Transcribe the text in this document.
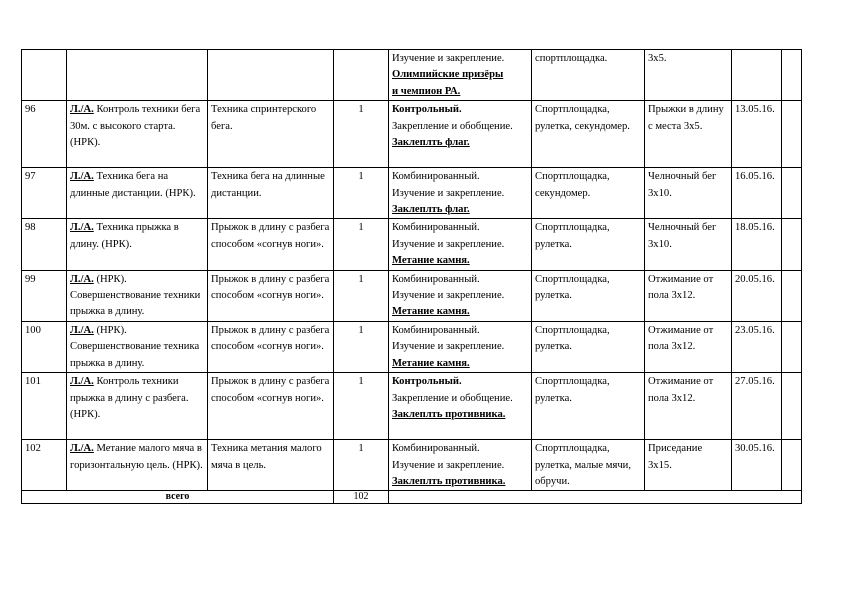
				Изучение и закрепление.
Олимпийские призёры
и чемпион РА.	спортплощадка.	3х5.		
96	Л./А. Контроль техники бега 30м. с высокого старта. (НРК).	Техника спринтерского бега.	1	Контрольный.
Закрепление и обобщение.
Заклеплть флаг.	Спортплощадка, рулетка, секундомер.	Прыжки в длину с места 3х5.	13.05.16.	
97	Л./А. Техника бега на длинные дистанции. (НРК).	Техника бега на длинные дистанции.	1	Комбинированный.
Изучение и закрепление.
Заклеплть флаг.	Спортплощадка, секундомер.	Челночный бег 3х10.	16.05.16.	
98	Л./А. Техника прыжка в длину. (НРК).	Прыжок в длину с разбега способом «согнув ноги».	1	Комбинированный.
Изучение и закрепление.
Метание камня.	Спортплощадка, рулетка.	Челночный бег 3х10.	18.05.16.	
99	Л./А. (НРК). Совершенствование техники прыжка в длину.	Прыжок в длину с разбега способом «согнув ноги».	1	Комбинированный.
Изучение и закрепление.
Метание камня.	Спортплощадка, рулетка.	Отжимание от пола 3х12.	20.05.16.	
100	Л./А. (НРК). Совершенствование техника прыжка в длину.	Прыжок в длину с разбега способом «согнув ноги».	1	Комбинированный.
Изучение и закрепление.
Метание камня.	Спортплощадка, рулетка.	Отжимание от пола 3х12.	23.05.16.	
101	Л./А. Контроль техники прыжка в длину с разбега. (НРК).	Прыжок в длину с разбега способом «согнув ноги».	1	Контрольный.
Закрепление и обобщение.
Заклеплть противника.	Спортплощадка, рулетка.	Отжимание от пола 3х12.	27.05.16.	
102	Л./А. Метание малого мяча в горизонтальную цель. (НРК).	Техника метания малого мяча в цель.	1	Комбинированный.
Изучение и закрепление.
Заклеплть противника.	Спортплощадка, рулетка, малые мячи, обручи.	Приседание 3х15.	30.05.16.	
всего			102					
